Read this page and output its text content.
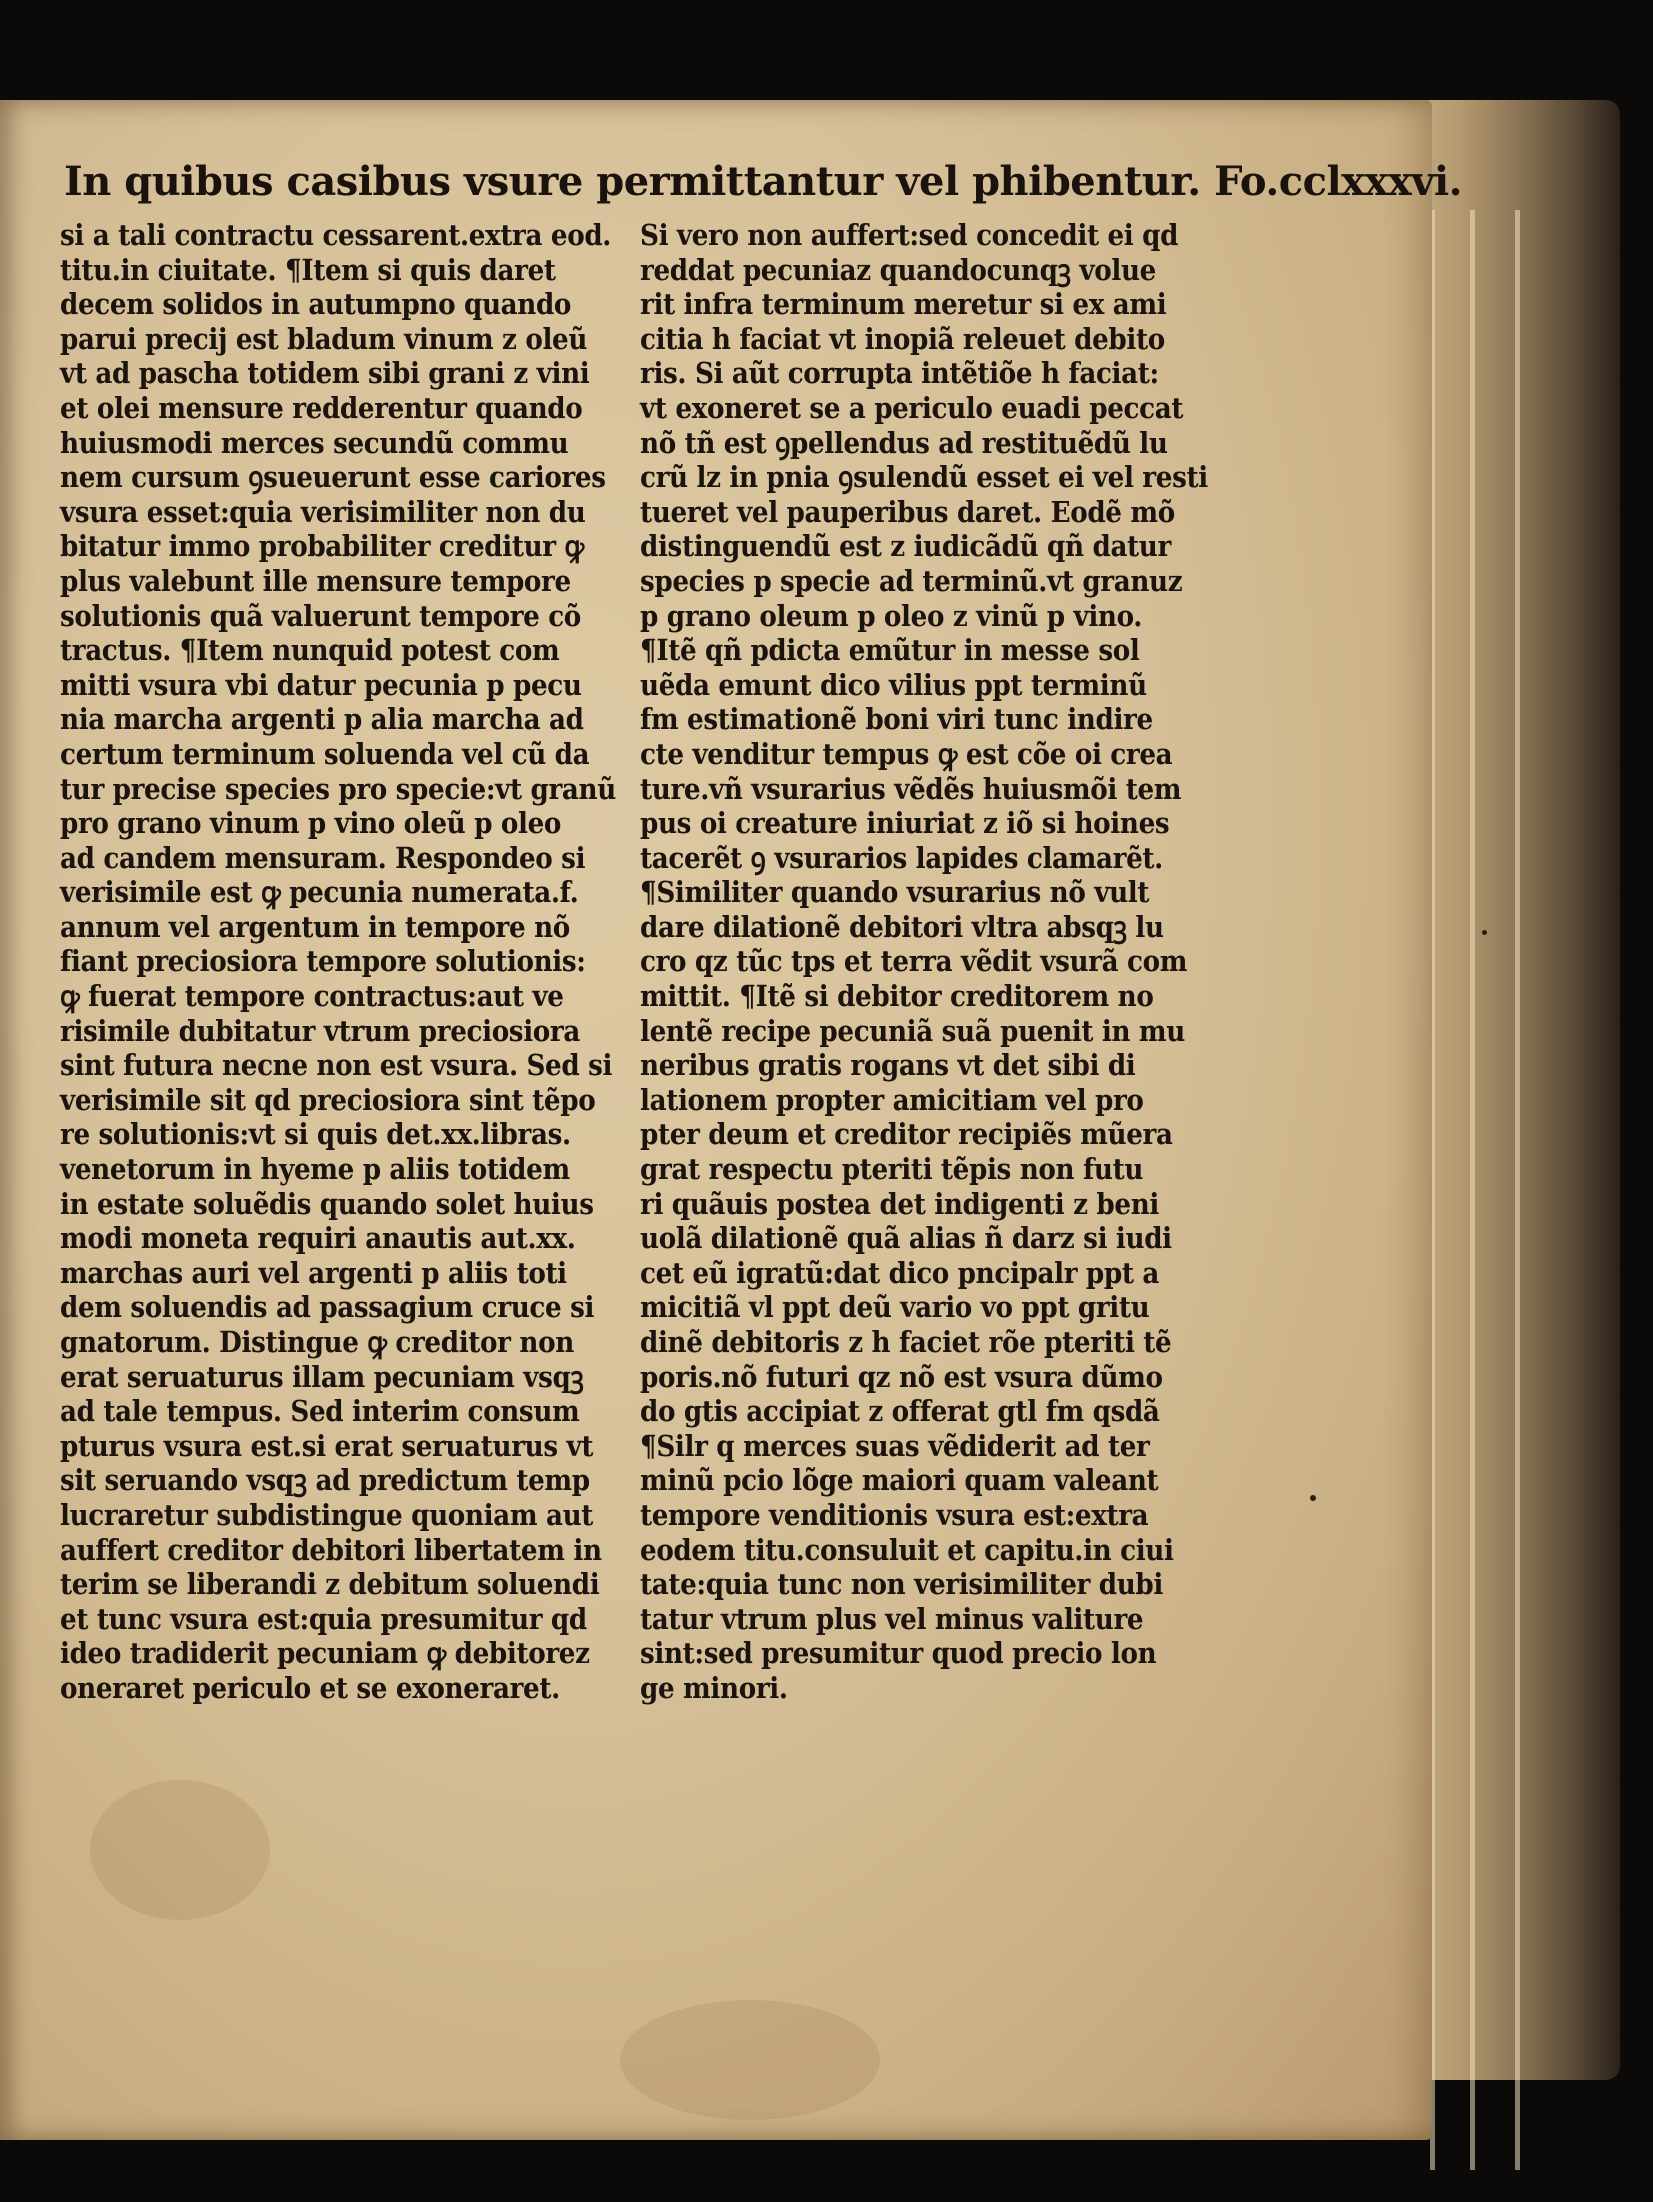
In quibus casibus vsure permittantur vel phibentur. Fo.cclxxxvi.
si a tali contractu cessarent.extra eod.
titu.in ciuitate. ¶Item si quis daret
decem solidos in autumpno quando
parui precij est bladum vinum z oleũ
vt ad pascha totidem sibi grani z vini
et olei mensure redderentur quando
huiusmodi merces secundũ commu
nem cursum ꝯsueuerunt esse cariores
vsura esset:quia verisimiliter non du
bitatur immo probabiliter creditur ꝙ
plus valebunt ille mensure tempore
solutionis quã valuerunt tempore cõ
tractus. ¶Item nunquid potest com
mitti vsura vbi datur pecunia p pecu
nia marcha argenti p alia marcha ad
certum terminum soluenda vel cũ da
tur precise species pro specie:vt granũ
pro grano vinum p vino oleũ p oleo
ad candem mensuram. Respondeo si
verisimile est ꝙ pecunia numerata.f.
annum vel argentum in tempore nõ
fiant preciosiora tempore solutionis:
ꝙ fuerat tempore contractus:aut ve
risimile dubitatur vtrum preciosiora
sint futura necne non est vsura. Sed si
verisimile sit qd preciosiora sint tẽpo
re solutionis:vt si quis det.xx.libras.
venetorum in hyeme p aliis totidem
in estate soluẽdis quando solet huius
modi moneta requiri anautis aut.xx.
marchas auri vel argenti p aliis toti
dem soluendis ad passagium cruce si
gnatorum. Distingue ꝙ creditor non
erat seruaturus illam pecuniam vsqꝫ
ad tale tempus. Sed interim consum
pturus vsura est.si erat seruaturus vt
sit seruando vsqꝫ ad predictum temp
lucraretur subdistingue quoniam aut
auffert creditor debitori libertatem in
terim se liberandi z debitum soluendi
et tunc vsura est:quia presumitur qd
ideo tradiderit pecuniam ꝙ debitorez
oneraret periculo et se exoneraret.
Si vero non auffert:sed concedit ei qd
reddat pecuniaz quandocunqꝫ volue
rit infra terminum meretur si ex ami
citia h faciat vt inopiã releuet debito
ris. Si aũt corrupta intẽtiõe h faciat:
vt exoneret se a periculo euadi peccat
nõ tñ est ꝯpellendus ad restituẽdũ lu
crũ lz in pnia ꝯsulendũ esset ei vel resti
tueret vel pauperibus daret. Eodẽ mõ
distinguendũ est z iudicãdũ qñ datur
species p specie ad terminũ.vt granuz
p grano oleum p oleo z vinũ p vino.
¶Itẽ qñ pdicta emũtur in messe sol
uẽda emunt dico vilius ppt terminũ
fm estimationẽ boni viri tunc indire
cte venditur tempus ꝙ est cõe oi crea
ture.vñ vsurarius vẽdẽs huiusmõi tem
pus oi creature iniuriat z iõ si hoines
tacerẽt ꝯ vsurarios lapides clamarẽt.
¶Similiter quando vsurarius nõ vult
dare dilationẽ debitori vltra absqꝫ lu
cro qz tũc tps et terra vẽdit vsurã com
mittit. ¶Itẽ si debitor creditorem no
lentẽ recipe pecuniã suã puenit in mu
neribus gratis rogans vt det sibi di
lationem propter amicitiam vel pro
pter deum et creditor recipiẽs mũera
grat respectu pteriti tẽpis non futu
ri quãuis postea det indigenti z beni
uolã dilationẽ quã alias ñ darz si iudi
cet eũ igratũ:dat dico pncipalr ppt a
micitiã vl ppt deũ vario vo ppt gritu
dinẽ debitoris z h faciet rõe pteriti tẽ
poris.nõ futuri qz nõ est vsura dũmo
do gtis accipiat z offerat gtl fm qsdã
¶Silr q merces suas vẽdiderit ad ter
minũ pcio lõge maiori quam valeant
tempore venditionis vsura est:extra
eodem titu.consuluit et capitu.in ciui
tate:quia tunc non verisimiliter dubi
tatur vtrum plus vel minus valiture
sint:sed presumitur quod precio lon
ge minori.
